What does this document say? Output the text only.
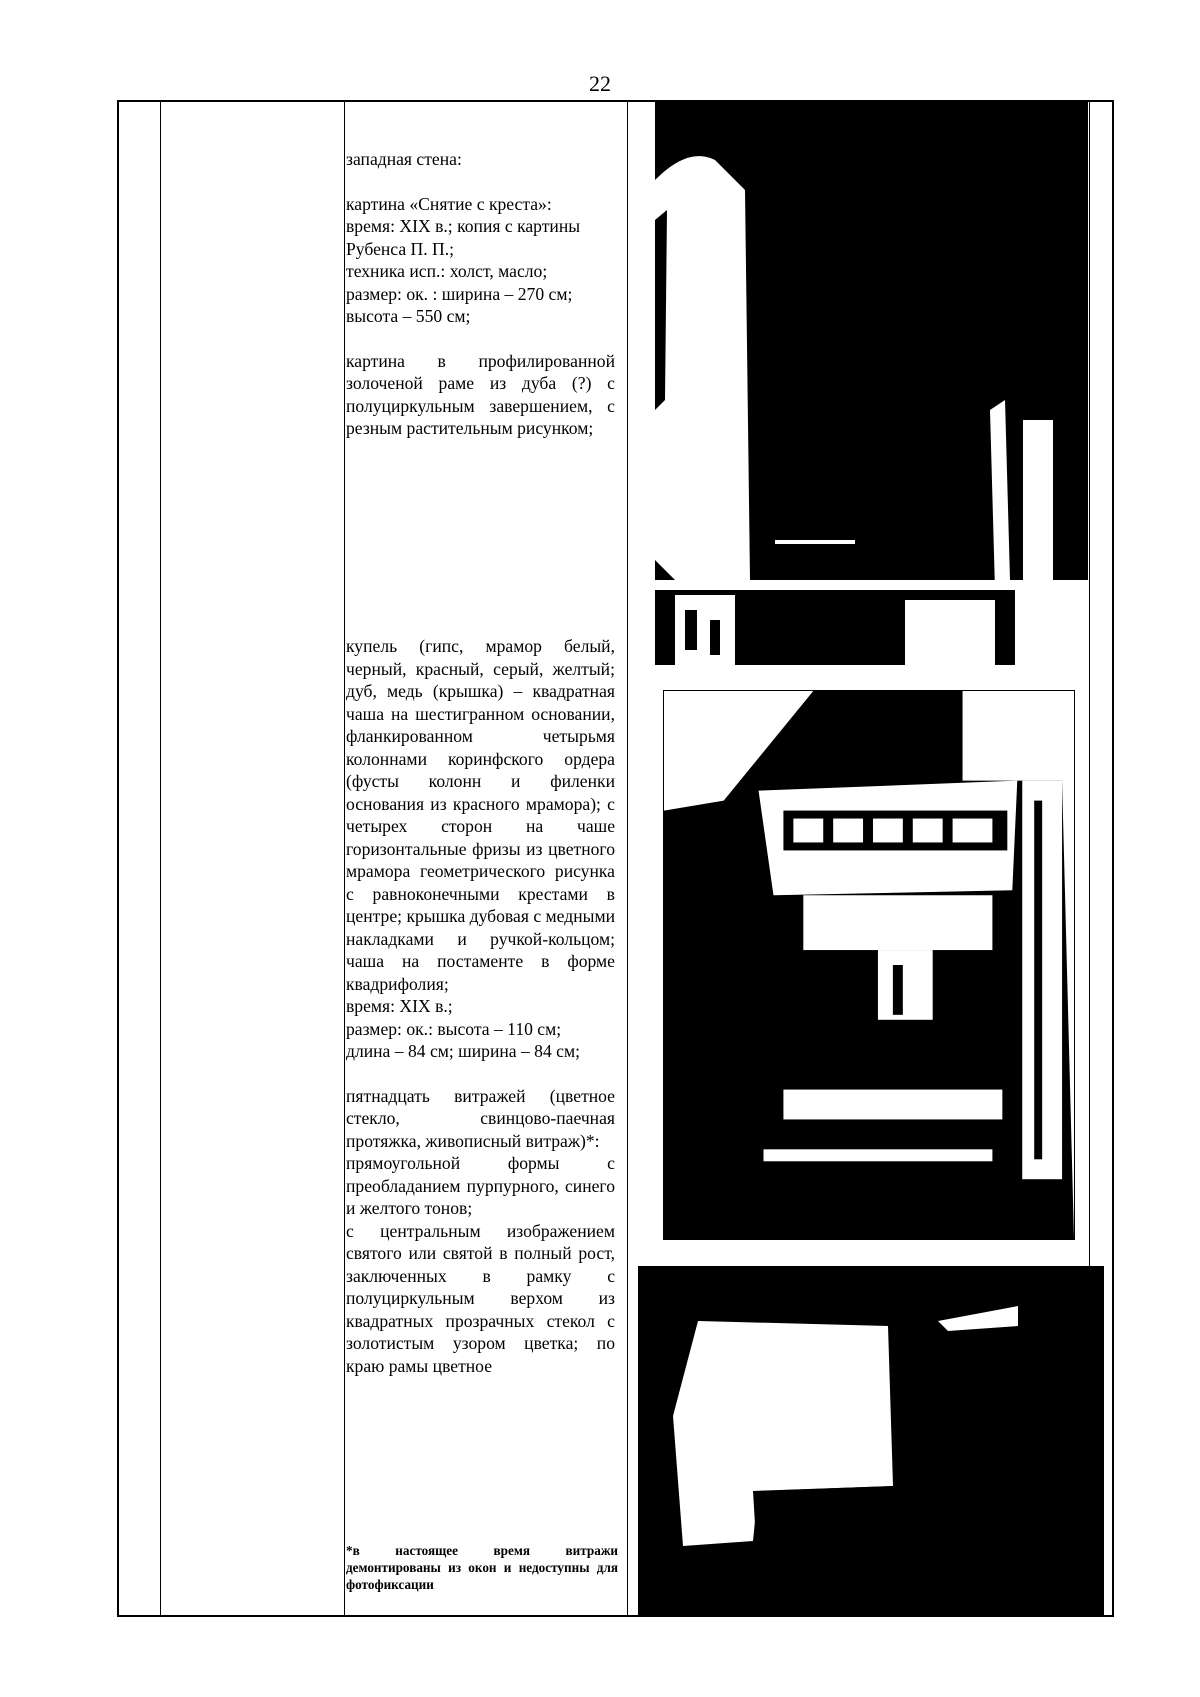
22

западная стена:

картина «Снятие с креста»:

время: XIX в.; копия с картины

Рубенса П. П.;

техника исп.: холст, масло;

размер: ок. : ширина – 270 см;

высота – 550 см;

картина в профилированной золоченой раме из дуба (?) с полуциркульным завершением, с резным растительным рисунком;

купель (гипс, мрамор белый, черный, красный, серый, желтый; дуб, медь (крышка) – квадратная чаша на шестигранном основании, фланкированном четырьмя колоннами коринфского ордера (фусты колонн и филенки основания из красного мрамора); с четырех сторон на чаше горизонтальные фризы из цветного мрамора геометрического рисунка с равноконечными крестами в центре; крышка дубовая с медными накладками и ручкой-кольцом; чаша на постаменте в форме квадрифолия;

время: XIX в.;

размер: ок.: высота – 110 см;

длина – 84 см; ширина – 84 см;

пятнадцать витражей (цветное стекло, свинцово-паечная протяжка, живописный витраж)*:

прямоугольной формы с преобладанием пурпурного, синего и желтого тонов;

с центральным изображением святого или святой в полный рост, заключенных в рамку с полуциркульным верхом из квадратных прозрачных стекол с золотистым узором цветка; по краю рамы цветное

*в настоящее время витражи демонтированы из окон и недоступны для фотофиксации
